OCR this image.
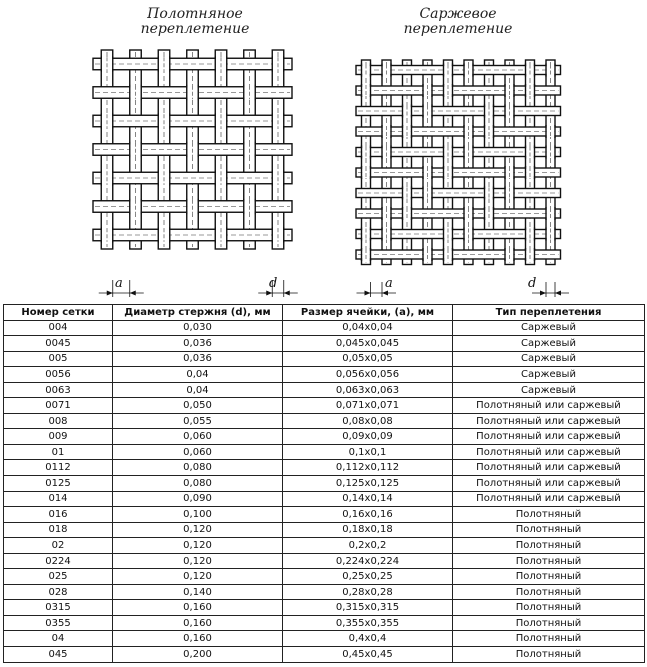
Полотняное
переплетение
a	d
Саржевое
переплетение
a	d
Номер сетки	Диаметр стержня (d), мм	Размер ячейки, (a), мм	Тип переплетения
004	0,030	0,04x0,04	Саржевый
0045	0,036	0,045x0,045	Саржевый
005	0,036	0,05x0,05	Саржевый
0056	0,04	0,056x0,056	Саржевый
0063	0,04	0,063x0,063	Саржевый
0071	0,050	0,071x0,071	Полотняный или саржевый
008	0,055	0,08x0,08	Полотняный или саржевый
009	0,060	0,09x0,09	Полотняный или саржевый
01	0,060	0,1x0,1	Полотняный или саржевый
0112	0,080	0,112x0,112	Полотняный или саржевый
0125	0,080	0,125x0,125	Полотняный или саржевый
014	0,090	0,14x0,14	Полотняный или саржевый
016	0,100	0,16x0,16	Полотняный
018	0,120	0,18x0,18	Полотняный
02	0,120	0,2x0,2	Полотняный
0224	0,120	0,224x0,224	Полотняный
025	0,120	0,25x0,25	Полотняный
028	0,140	0,28x0,28	Полотняный
0315	0,160	0,315x0,315	Полотняный
0355	0,160	0,355x0,355	Полотняный
04	0,160	0,4x0,4	Полотняный
045	0,200	0,45x0,45	Полотняный
